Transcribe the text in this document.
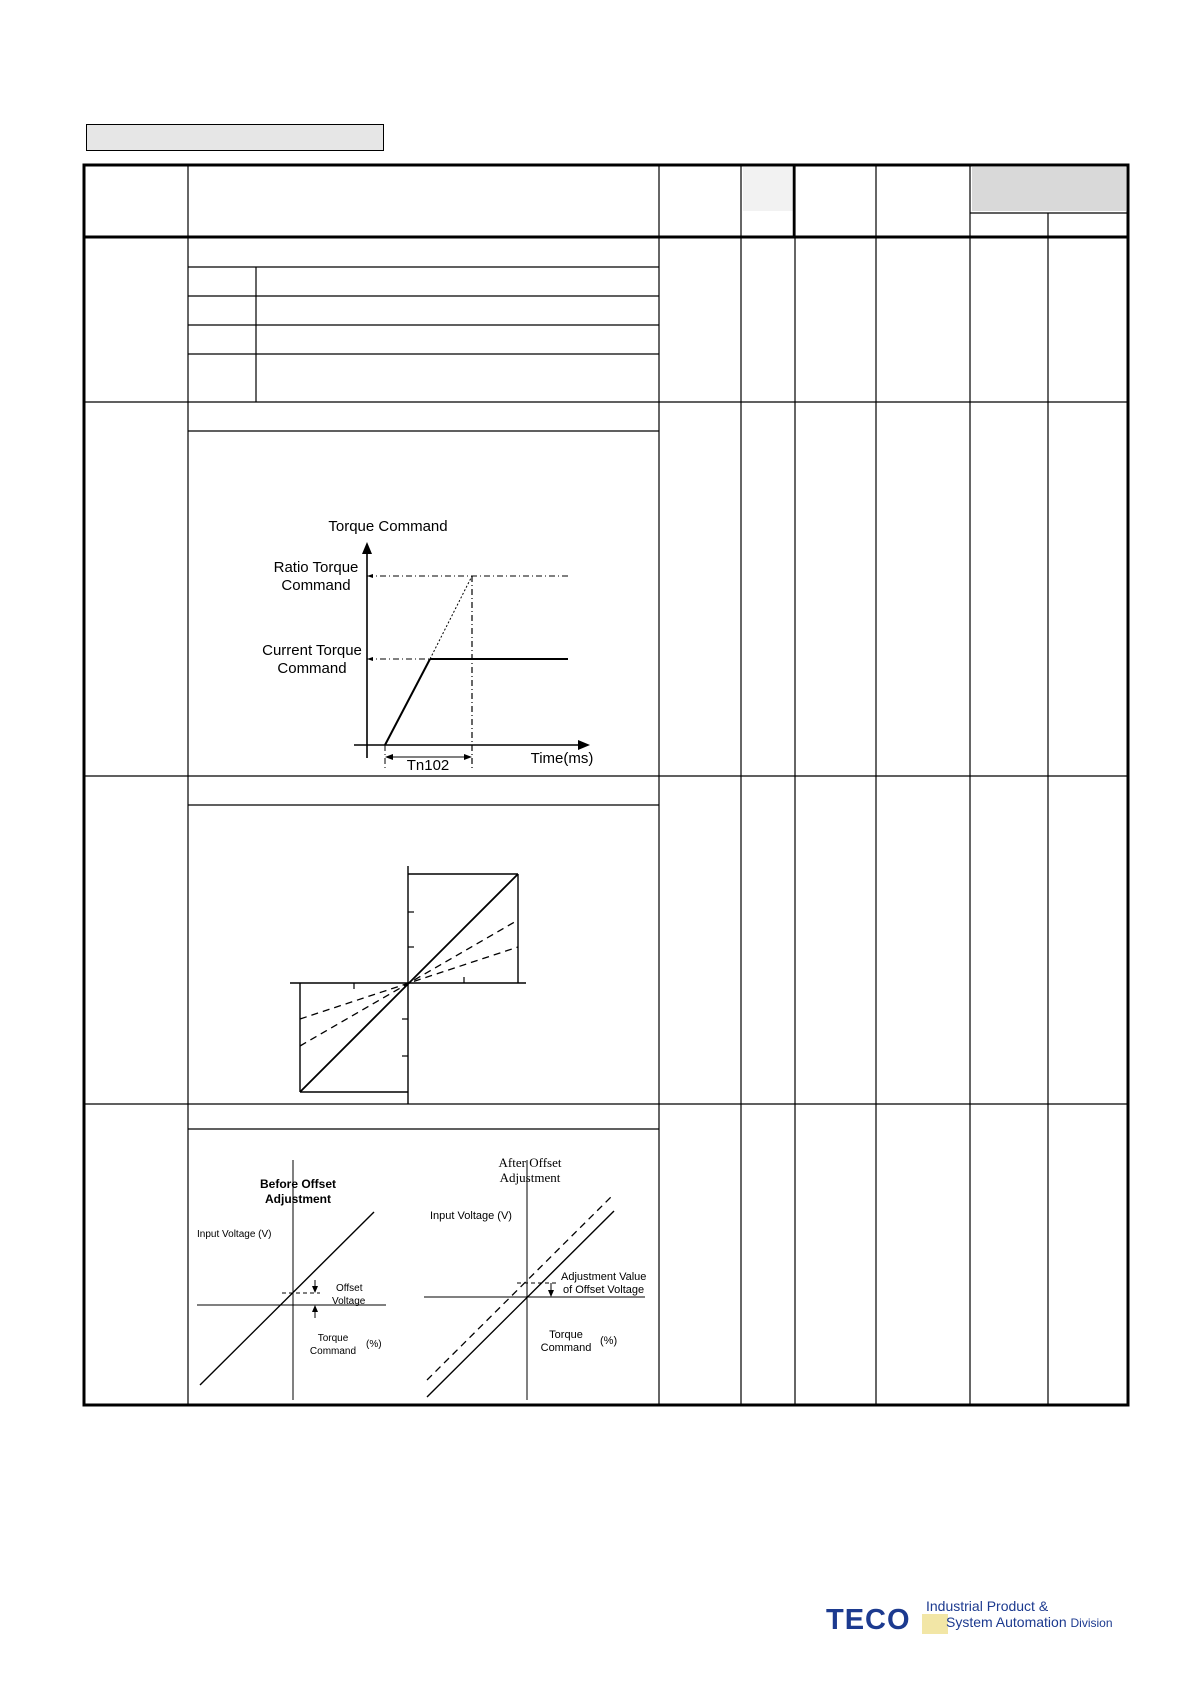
Torque Command
Ratio Torque
Command
Current Torque
Command
Time(ms)
Tn102
Before Offset
Adjustment
Input Voltage (V)
Offset
Voltage
Torque
Command
(%)
After Offset
Adjustment
Input Voltage (V)
Adjustment Value
of Offset Voltage
Torque
Command
(%)
TECO Industrial Product &
System Automation Division
